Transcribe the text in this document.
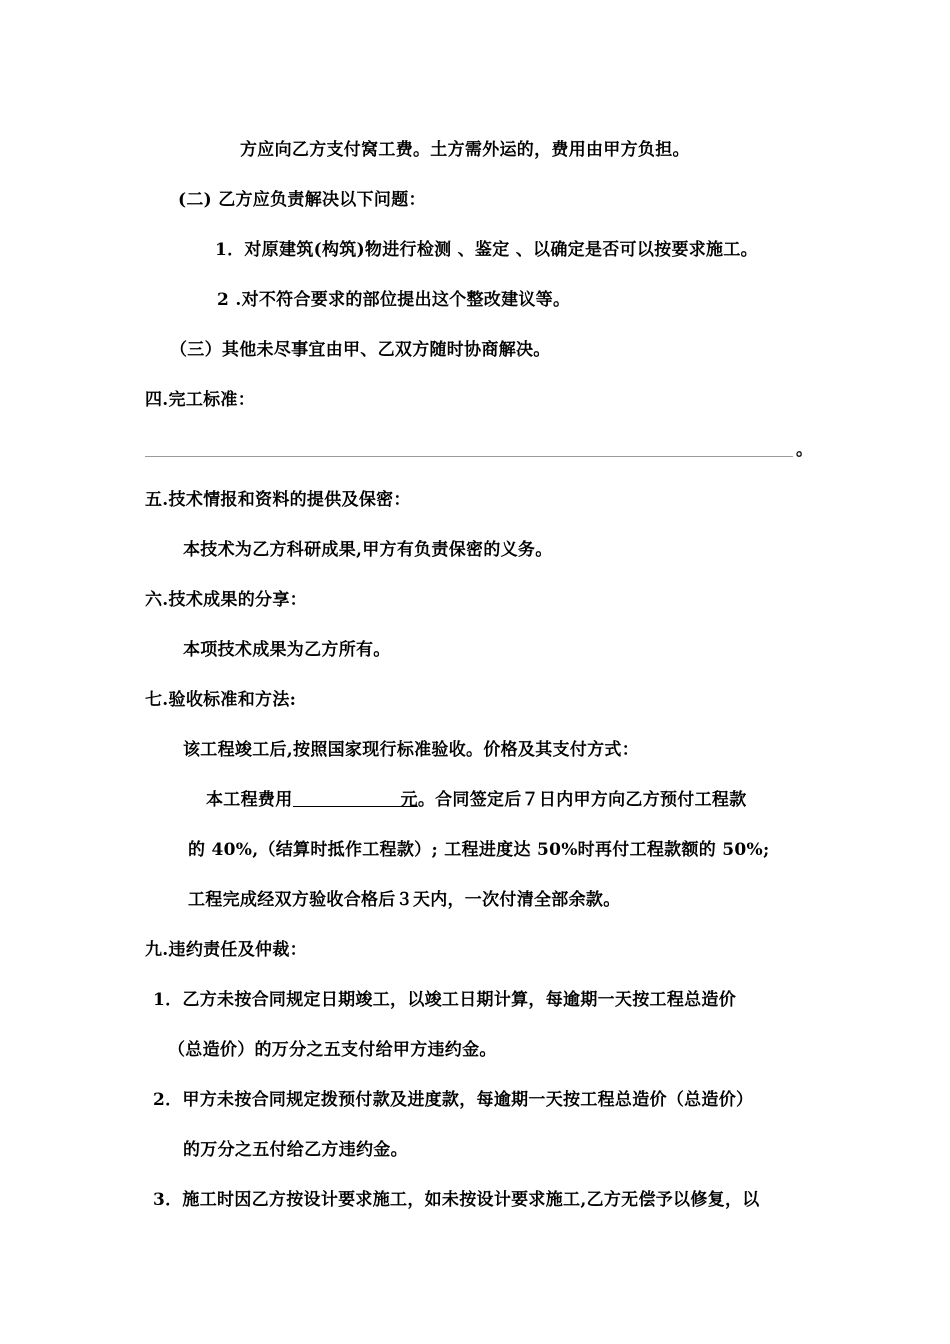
方应向乙方支付窝工费。土方需外运的，费用由甲方负担。
(二) 乙方应负责解决以下问题：
1．对原建筑(构筑)物进行检测 、鉴定 、以确定是否可以按要求施工。
2 .对不符合要求的部位提出这个整改建议等。
（三）其他未尽事宜由甲、乙双方随时协商解决。
四.完工标准：
。
五.技术情报和资料的提供及保密：
本技术为乙方科研成果,甲方有负责保密的义务。
六.技术成果的分享：
本项技术成果为乙方所有。
七.验收标准和方法:
该工程竣工后,按照国家现行标准验收。价格及其支付方式：
本工程费用	元。合同签定后７日内甲方向乙方预付工程款
的 40%,（结算时抵作工程款）; 工程进度达 50%时再付工程款额的 50%;
工程完成经双方验收合格后３天内，一次付清全部余款。
九.违约责任及仲裁：
1．乙方未按合同规定日期竣工，以竣工日期计算，每逾期一天按工程总造价
（总造价）的万分之五支付给甲方违约金。
2．甲方未按合同规定拨预付款及进度款，每逾期一天按工程总造价（总造价）
的万分之五付给乙方违约金。
3．施工时因乙方按设计要求施工，如未按设计要求施工,乙方无偿予以修复，以
